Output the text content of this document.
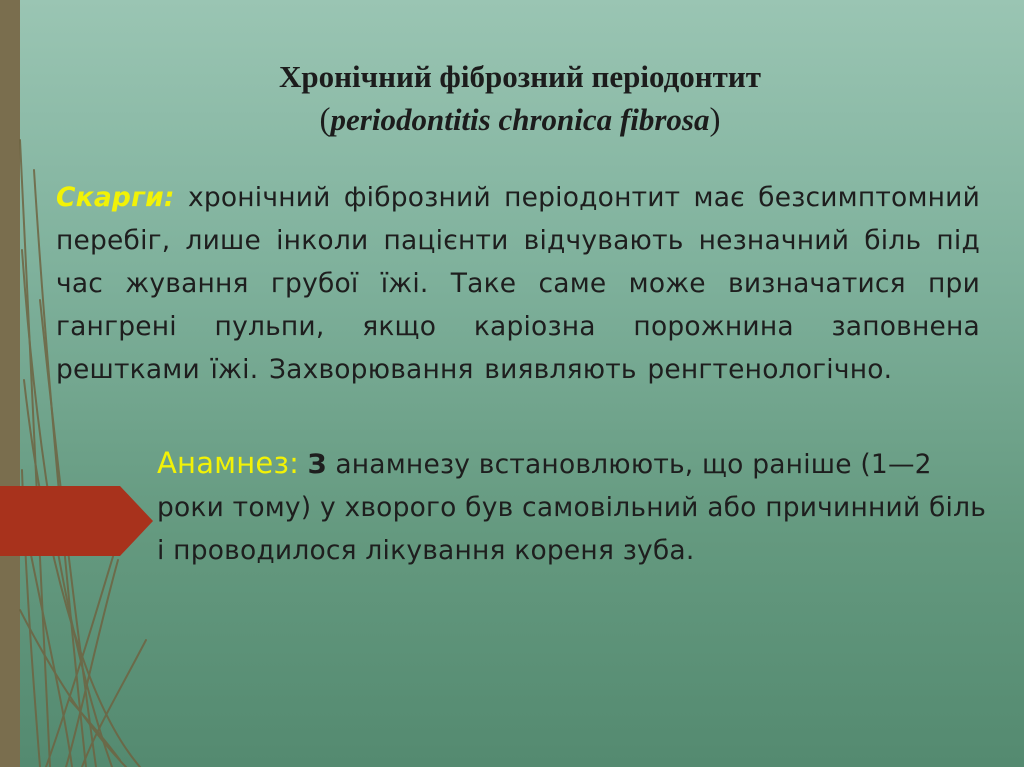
Хронічний фіброзний періодонтит
(periodontitis chronica fibrosa)
Скарги: хронічний фіброзний періодонтит має безсимптомний перебіг, лише інколи пацієнти відчувають незначний біль під час жування грубої їжі. Таке саме може визначатися при гангрені пульпи, якщо каріозна порожнина заповнена рештками їжі. Захворювання виявляють ренгтенологічно.
Анамнез: З анамнезу встановлюють, що раніше (1—2 роки тому) у хворого був самовільний або причинний біль і проводилося лікування кореня зуба.
